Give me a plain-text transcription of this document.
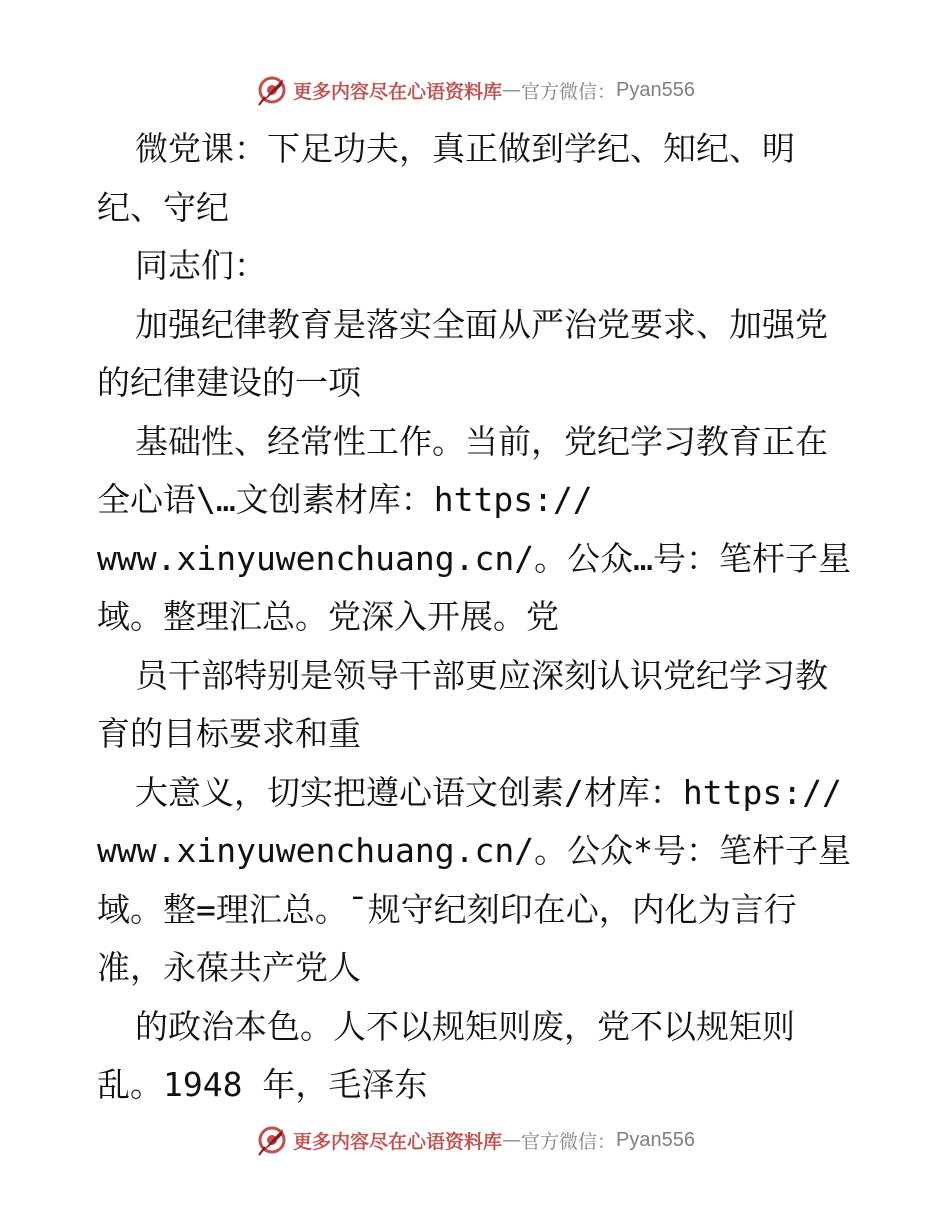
更多内容尽在心语资料库 — 官方微信： Pyan556
微党课：下足功夫，真正做到学纪、知纪、明
纪、守纪
同志们：
加强纪律教育是落实全面从严治党要求、加强党
的纪律建设的一项
基础性、经常性工作。当前，党纪学习教育正在
全心语\…文创素材库：https://
www.xinyuwenchuang.cn/。公众…号：笔杆子星
域。整理汇总。党深入开展。党
员干部特别是领导干部更应深刻认识党纪学习教
育的目标要求和重
大意义，切实把遵心语文创素/材库：https://
www.xinyuwenchuang.cn/。公众*号：笔杆子星
域。整=理汇总。¯规守纪刻印在心，内化为言行
准，永葆共产党人
的政治本色。人不以规矩则废，党不以规矩则
乱。1948 年，毛泽东
更多内容尽在心语资料库 — 官方微信： Pyan556
